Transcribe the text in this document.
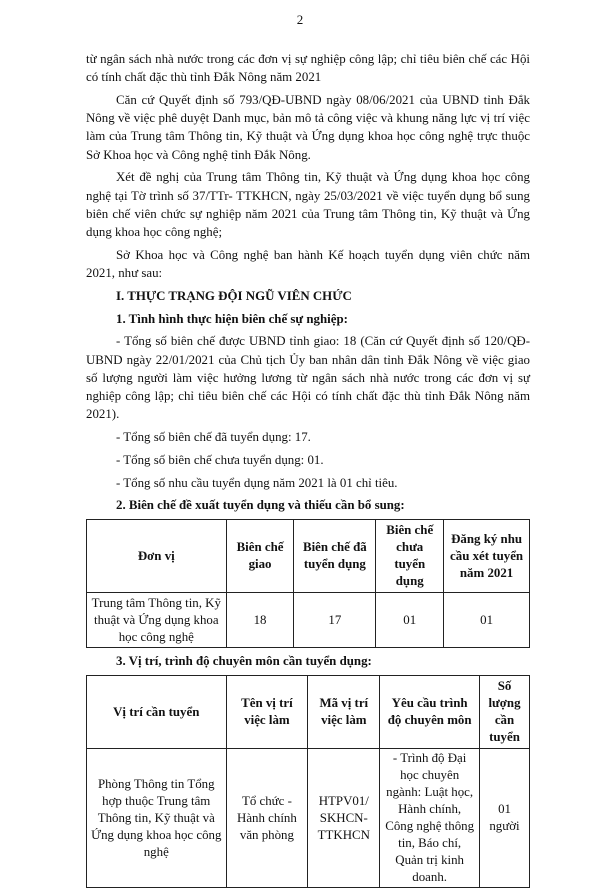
2

từ ngân sách nhà nước trong các đơn vị sự nghiệp công lập; chỉ tiêu biên chế các Hội có tính chất đặc thù tỉnh Đắk Nông năm 2021

Căn cứ Quyết định số 793/QĐ-UBND ngày 08/06/2021 của UBND tỉnh Đắk Nông về việc phê duyệt Danh mục, bản mô tả công việc và khung năng lực vị trí việc làm của Trung tâm Thông tin, Kỹ thuật và Ứng dụng khoa học công nghệ trực thuộc Sở Khoa học và Công nghệ tỉnh Đắk Nông.

Xét đề nghị của Trung tâm Thông tin, Kỹ thuật và Ứng dụng khoa học công nghệ tại Tờ trình số 37/TTr- TTKHCN, ngày 25/03/2021 về việc tuyển dụng bổ sung biên chế viên chức sự nghiệp năm 2021 của Trung tâm Thông tin, Kỹ thuật và Ứng dụng khoa học công nghệ;

Sở Khoa học và Công nghệ ban hành Kế hoạch tuyển dụng viên chức năm 2021, như sau:

I. THỰC TRẠNG ĐỘI NGŨ VIÊN CHỨC

1. Tình hình thực hiện biên chế sự nghiệp:

- Tổng số biên chế được UBND tỉnh giao: 18 (Căn cứ Quyết định số 120/QĐ-UBND ngày 22/01/2021 của Chủ tịch Ủy ban nhân dân tỉnh Đắk Nông về việc giao số lượng người làm việc hưởng lương từ ngân sách nhà nước trong các đơn vị sự nghiệp công lập; chỉ tiêu biên chế các Hội có tính chất đặc thù tỉnh Đắk Nông năm 2021).

- Tổng số biên chế đã tuyển dụng: 17.

- Tổng số biên chế chưa tuyển dụng: 01.

- Tổng số nhu cầu tuyển dụng năm 2021 là 01 chỉ tiêu.

2. Biên chế đề xuất tuyển dụng và thiếu cần bổ sung:

Đơn vị	Biên chế giao	Biên chế đã tuyển dụng	Biên chế chưa tuyển dụng	Đăng ký nhu cầu xét tuyển năm 2021
Trung tâm Thông tin, Kỹ thuật và Ứng dụng khoa học công nghệ	18	17	01	01

3. Vị trí, trình độ chuyên môn cần tuyển dụng:

Vị trí cần tuyển	Tên vị trí việc làm	Mã vị trí việc làm	Yêu cầu trình độ chuyên môn	Số lượng cần tuyển
Phòng Thông tin Tổng hợp thuộc Trung tâm Thông tin, Kỹ thuật và Ứng dụng khoa học công nghệ	Tổ chức - Hành chính văn phòng	HTPV01/ SKHCN-TTKHCN	- Trình độ Đại học chuyên ngành: Luật học, Hành chính, Công nghệ thông tin, Báo chí, Quản trị kinh doanh.	01 người
